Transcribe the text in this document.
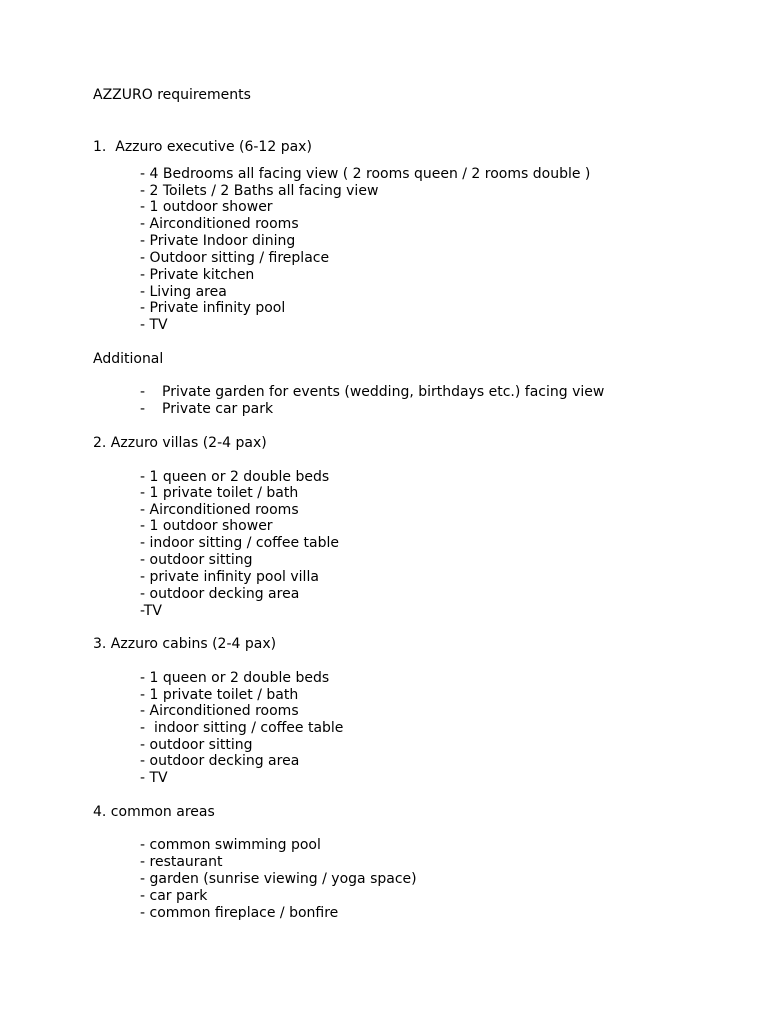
AZZURO requirements
1.  Azzuro executive (6-12 pax)
- 4 Bedrooms all facing view ( 2 rooms queen / 2 rooms double )
- 2 Toilets / 2 Baths all facing view
- 1 outdoor shower
- Airconditioned rooms
- Private Indoor dining
- Outdoor sitting / fireplace
- Private kitchen
- Living area
- Private infinity pool
- TV
Additional
- Private garden for events (wedding, birthdays etc.) facing view
- Private car park
2. Azzuro villas (2-4 pax)
- 1 queen or 2 double beds
- 1 private toilet / bath
- Airconditioned rooms
- 1 outdoor shower
- indoor sitting / coffee table
- outdoor sitting
- private infinity pool villa
- outdoor decking area
-TV
3. Azzuro cabins (2-4 pax)
- 1 queen or 2 double beds
- 1 private toilet / bath
- Airconditioned rooms
-  indoor sitting / coffee table
- outdoor sitting
- outdoor decking area
- TV
4. common areas
- common swimming pool
- restaurant
- garden (sunrise viewing / yoga space)
- car park
- common fireplace / bonfire
